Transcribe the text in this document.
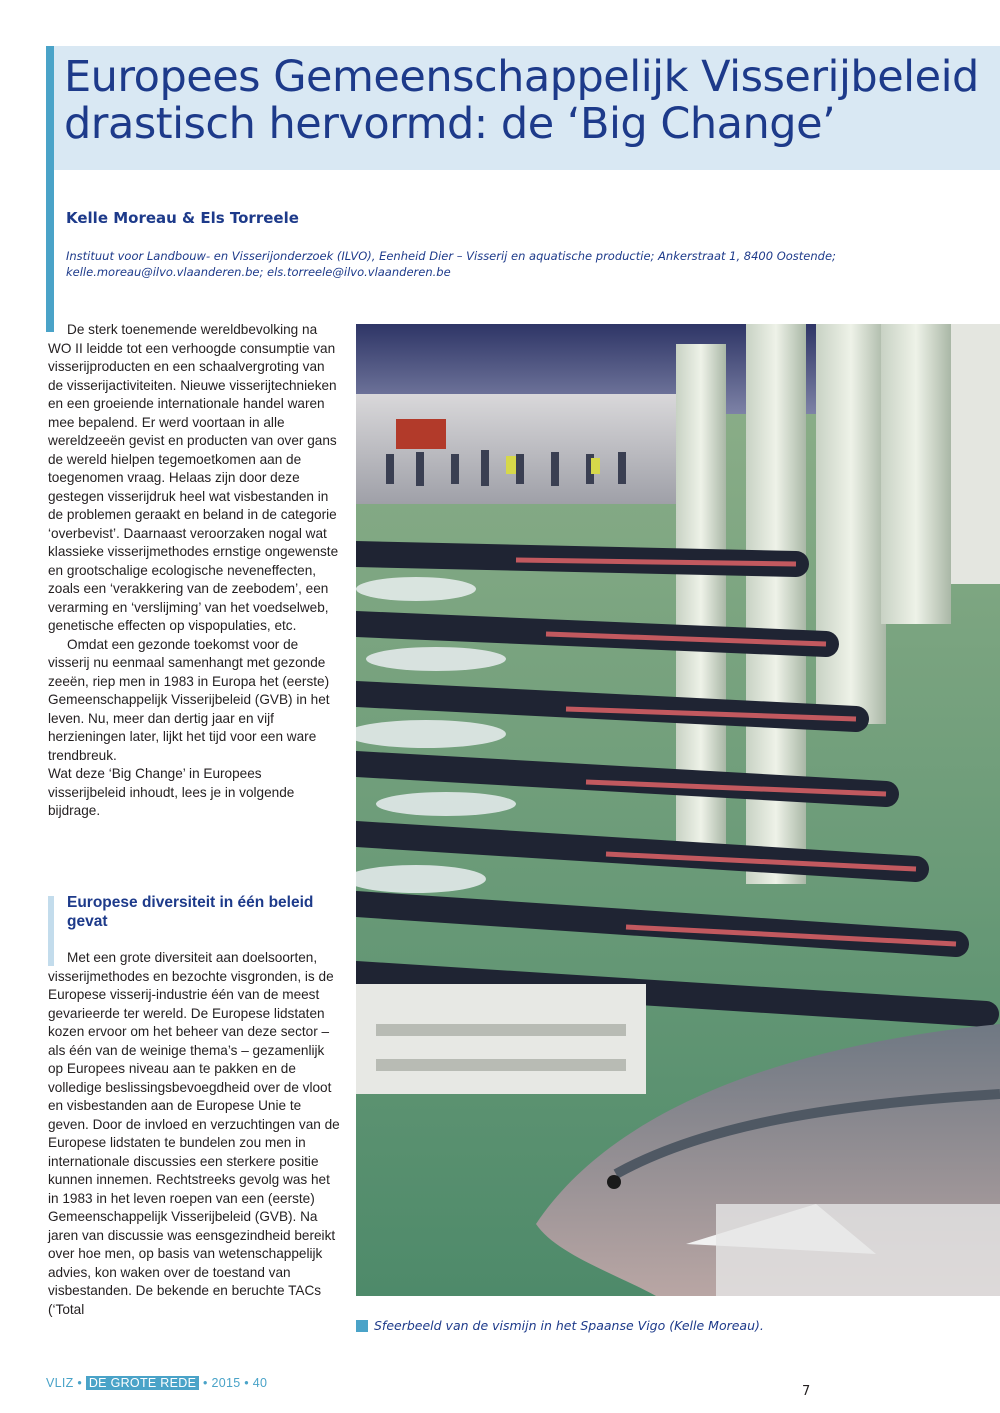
Europees Gemeenschappelijk Visserijbeleid
drastisch hervormd: de ‘Big Change’

Kelle Moreau & Els Torreele

Instituut voor Landbouw- en Visserijonderzoek (ILVO), Eenheid Dier – Visserij en aquatische productie; Ankerstraat 1, 8400 Oostende;
kelle.moreau@ilvo.vlaanderen.be; els.torreele@ilvo.vlaanderen.be

De sterk toenemende wereldbevolking na WO II leidde tot een verhoogde consumptie van visserijproducten en een schaalvergroting van de visserijactiviteiten. Nieuwe visserijtechnieken en een groeiende internationale handel waren mee bepalend. Er werd voortaan in alle wereldzeeën gevist en producten van over gans de wereld hielpen tegemoetkomen aan de toegenomen vraag. Helaas zijn door deze gestegen visserijdruk heel wat visbestanden in de problemen geraakt en beland in de categorie ‘overbevist’. Daarnaast veroorzaken nogal wat klassieke visserijmethodes ernstige ongewenste en grootschalige ecologische neveneffecten, zoals een ‘verakkering van de zeebodem’, een verarming en ‘verslijming’ van het voedselweb, genetische effecten op vispopulaties, etc.

Omdat een gezonde toekomst voor de visserij nu eenmaal samenhangt met gezonde zeeën, riep men in 1983 in Europa het (eerste) Gemeenschappelijk Visserijbeleid (GVB) in het leven. Nu, meer dan dertig jaar en vijf herzieningen later, lijkt het tijd voor een ware trendbreuk.

Wat deze ‘Big Change’ in Europees visserijbeleid inhoudt, lees je in volgende bijdrage.

Europese diversiteit in één beleid gevat

Met een grote diversiteit aan doelsoorten, visserijmethodes en bezochte visgronden, is de Europese visserij-industrie één van de meest gevarieerde ter wereld. De Europese lidstaten kozen ervoor om het beheer van deze sector – als één van de weinige thema’s – gezamenlijk op Europees niveau aan te pakken en de volledige beslissingsbevoegdheid over de vloot en visbestanden aan de Europese Unie te geven. Door de invloed en verzuchtingen van de Europese lidstaten te bundelen zou men in internationale discussies een sterkere positie kunnen innemen. Rechtstreeks gevolg was het in 1983 in het leven roepen van een (eerste) Gemeenschappelijk Visserijbeleid (GVB). Na jaren van discussie was eensgezindheid bereikt over hoe men, op basis van wetenschappelijk advies, kon waken over de toestand van visbestanden. De bekende en beruchte TACs (‘Total

Sfeerbeeld van de vismijn in het Spaanse Vigo (Kelle Moreau).

VLIZ • DE GROTE REDE • 2015 • 40

7
